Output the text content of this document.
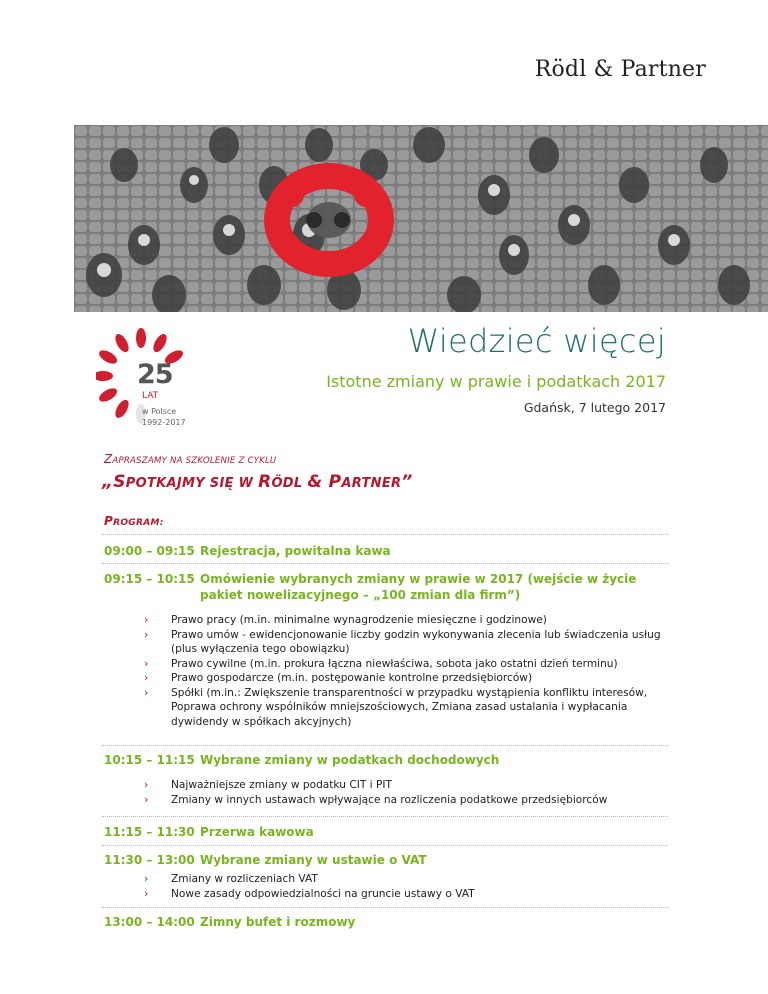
Rödl & Partner
25
LAT
w Polsce
1992-2017
Wiedzieć więcej
Istotne zmiany w prawie i podatkach 2017
Gdańsk, 7 lutego 2017
ZAPRASZAMY NA SZKOLENIE Z CYKLU
„SPOTKAJMY SIĘ W RÖDL & PARTNER”
PROGRAM:
09:00 – 09:15 Rejestracja, powitalna kawa
09:15 – 10:15 Omówienie wybranych zmiany w prawie w 2017 (wejście w życie
pakiet nowelizacyjnego – „100 zmian dla firm”)
› Prawo pracy (m.in. minimalne wynagrodzenie miesięczne i godzinowe)
› Prawo umów - ewidencjonowanie liczby godzin wykonywania zlecenia lub świadczenia usług (plus wyłączenia tego obowiązku)
› Prawo cywilne (m.in. prokura łączna niewłaściwa, sobota jako ostatni dzień terminu)
› Prawo gospodarcze (m.in. postępowanie kontrolne przedsiębiorców)
› Spółki (m.in.: Zwiększenie transparentności w przypadku wystąpienia konfliktu interesów, Poprawa ochrony wspólników mniejszościowych, Zmiana zasad ustalania i wypłacania dywidendy w spółkach akcyjnych)
10:15 – 11:15 Wybrane zmiany w podatkach dochodowych
› Najważniejsze zmiany w podatku CIT i PIT
› Zmiany w innych ustawach wpływające na rozliczenia podatkowe przedsiębiorców
11:15 – 11:30 Przerwa kawowa
11:30 – 13:00 Wybrane zmiany w ustawie o VAT
› Zmiany w rozliczeniach VAT
› Nowe zasady odpowiedzialności na gruncie ustawy o VAT
13:00 – 14:00 Zimny bufet i rozmowy
